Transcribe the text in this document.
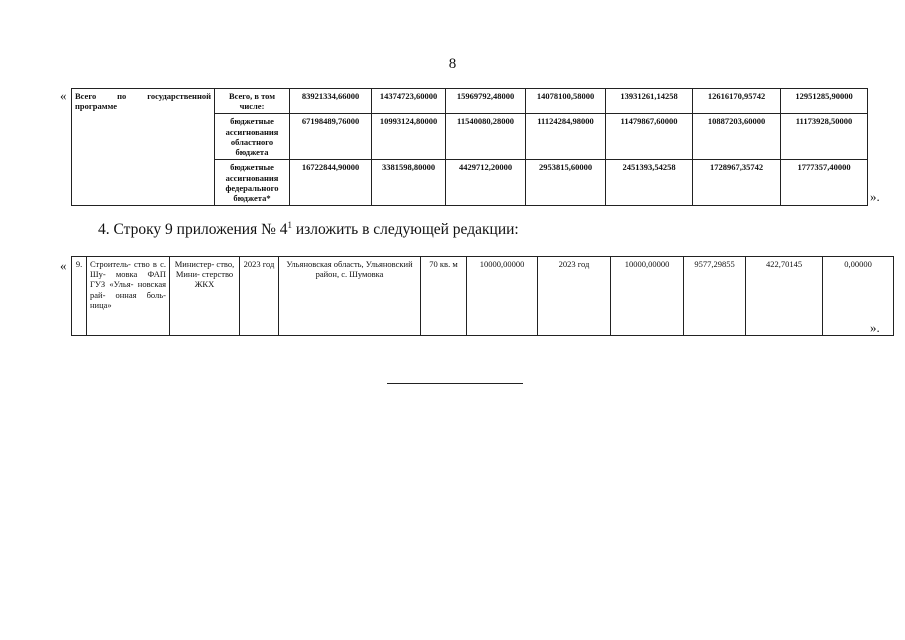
8
« Всего по государственной программе	Всего, в том числе:	83921334,66000	14374723,60000	15969792,48000	14078100,58000	13931261,14258	12616170,95742	12951285,90000
	бюджетные ассигнования областного бюджета	67198489,76000	10993124,80000	11540080,28000	11124284,98000	11479867,60000	10887203,60000	11173928,50000
	бюджетные ассигнования федерального бюджета*	16722844,90000	3381598,80000	4429712,20000	2953815,60000	2451393,54258	1728967,35742	1777357,40000
».
4. Строку 9 приложения № $4^1$ изложить в следующей редакции:
« 9.	Строитель- ство в с. Шу- мовка ФАП ГУЗ «Улья- новская рай- онная боль- ница»	Министер- ство, Мини- стерство ЖКХ	2023 год	Ульяновская область, Ульяновский район, с. Шумовка	70 кв. м	10000,00000	2023 год	10000,00000	9577,29855	422,70145	0,00000
».
